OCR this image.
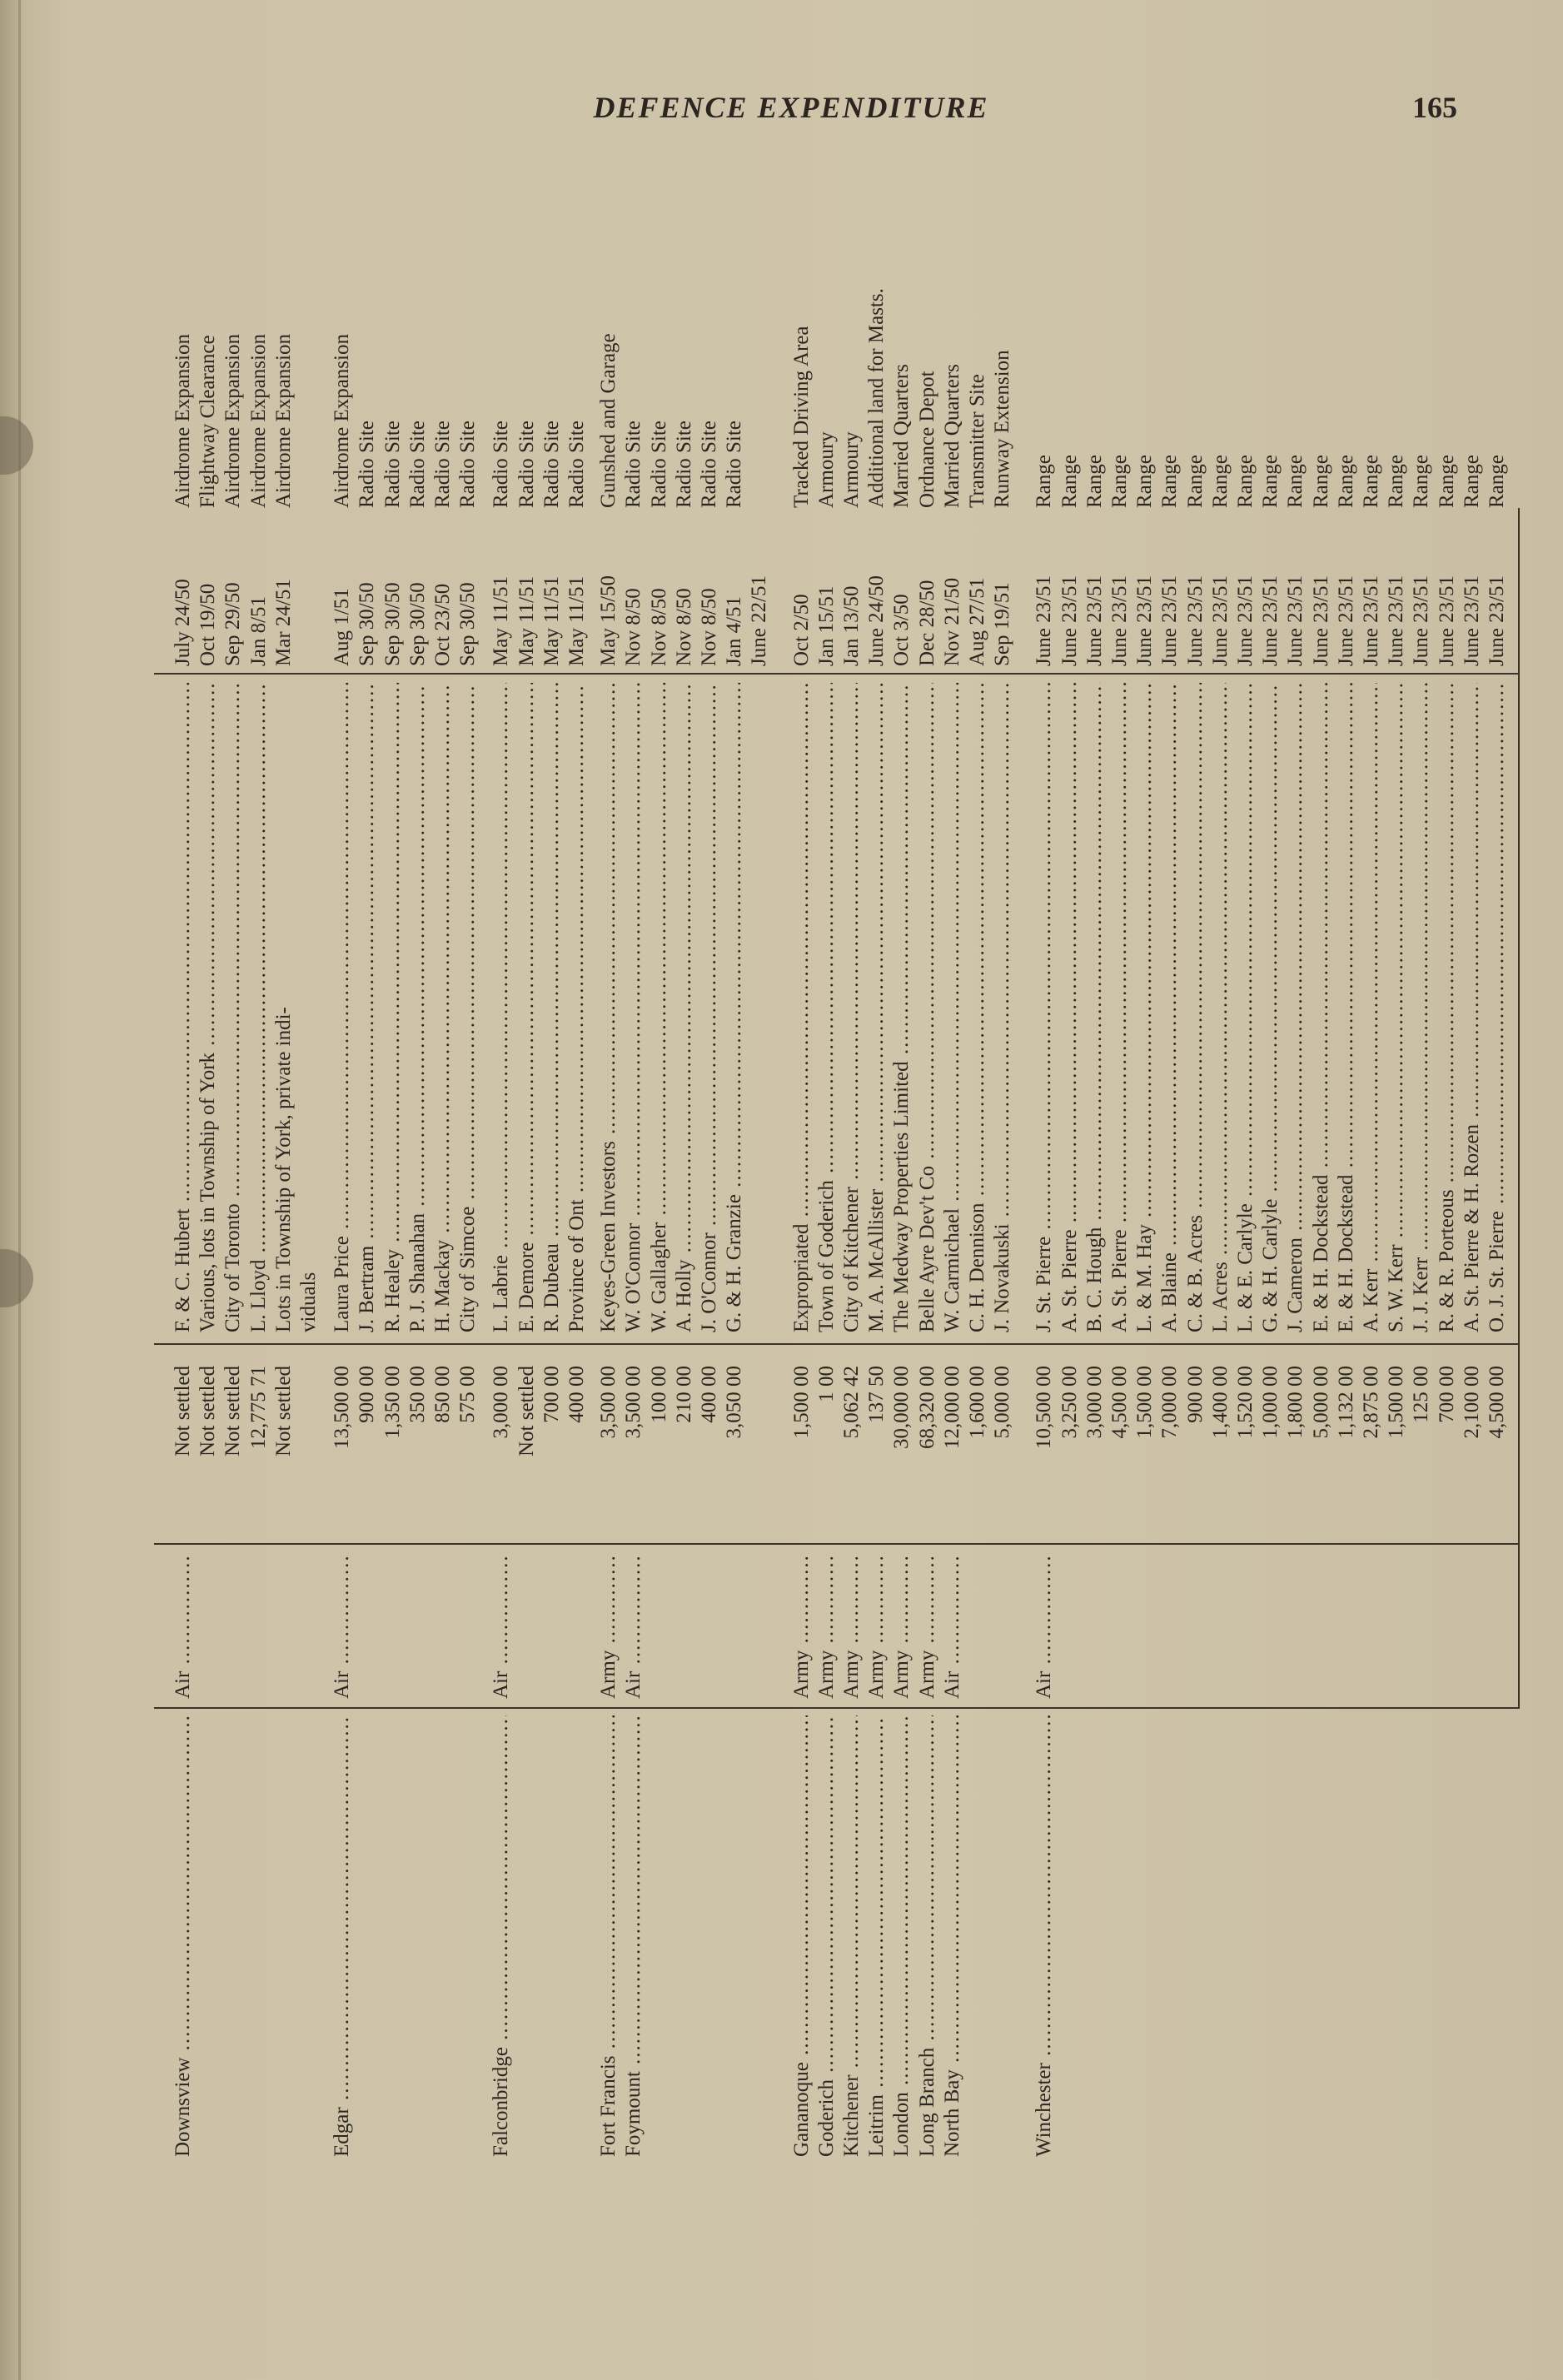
DEFENCE EXPENDITURE	165
Downsview .....
Air .....
Not settled
F. & C. Hubert .....
July 24/50
Airdrome Expansion
Not settled
Various, lots in Township of York .....
Oct 19/50
Flightway Clearance
Not settled
City of Toronto .....
Sep 29/50
Airdrome Expansion
12,775 71
L. Lloyd .....
Jan 8/51
Airdrome Expansion
Not settled
Lots in Township of York, private indi-
Mar 24/51
Airdrome Expansion
viduals
Edgar .....
Air .....
13,500 00
Laura Price .....
Aug 1/51
Airdrome Expansion
900 00
J. Bertram .....
Sep 30/50
Radio Site
1,350 00
R. Healey .....
Sep 30/50
Radio Site
350 00
P. J. Shanahan .....
Sep 30/50
Radio Site
850 00
H. Mackay .....
Oct 23/50
Radio Site
575 00
City of Simcoe .....
Sep 30/50
Radio Site
Falconbridge .....
Air .....
3,000 00
L. Labrie .....
May 11/51
Radio Site
Not settled
E. Demore .....
May 11/51
Radio Site
700 00
R. Dubeau .....
May 11/51
Radio Site
400 00
Province of Ont .....
May 11/51
Radio Site
Fort Francis .....
Army .....
3,500 00
Keyes-Green Investors .....
May 15/50
Gunshed and Garage
Foymount .....
Air .....
3,500 00
W. O'Connor .....
Nov 8/50
Radio Site
100 00
W. Gallagher .....
Nov 8/50
Radio Site
210 00
A. Holly .....
Nov 8/50
Radio Site
400 00
J. O'Connor .....
Nov 8/50
Radio Site
3,050 00
G. & H. Granzie .....
Jan 4/51
Radio Site
June 22/51
Gananoque .....
Army .....
1,500 00
Expropriated .....
Oct 2/50
Tracked Driving Area
Goderich .....
Army .....
1 00
Town of Goderich .....
Jan 15/51
Armoury
Kitchener .....
Army .....
5,062 42
City of Kitchener .....
Jan 13/50
Armoury
Leitrim .....
Army .....
137 50
M. A. McAllister .....
June 24/50
Additional land for Masts.
London .....
Army .....
30,000 00
The Medway Properties Limited .....
Oct 3/50
Married Quarters
Long Branch .....
Army .....
68,320 00
Belle Ayre Dev't Co .....
Dec 28/50
Ordnance Depot
North Bay .....
Air .....
12,000 00
W. Carmichael .....
Nov 21/50
Married Quarters
1,600 00
C. H. Dennison .....
Aug 27/51
Transmitter Site
5,000 00
J. Novakuski .....
Sep 19/51
Runway Extension
Winchester .....
Air .....
10,500 00
J. St. Pierre .....
June 23/51
Range
3,250 00
A. St. Pierre .....
June 23/51
Range
3,000 00
B. C. Hough .....
June 23/51
Range
4,500 00
A. St. Pierre .....
June 23/51
Range
1,500 00
L. & M. Hay .....
June 23/51
Range
7,000 00
A. Blaine .....
June 23/51
Range
900 00
C. & B. Acres .....
June 23/51
Range
1,400 00
L. Acres .....
June 23/51
Range
1,520 00
L. & E. Carlyle .....
June 23/51
Range
1,000 00
G. & H. Carlyle .....
June 23/51
Range
1,800 00
J. Cameron .....
June 23/51
Range
5,000 00
E. & H. Dockstead .....
June 23/51
Range
1,132 00
E. & H. Dockstead .....
June 23/51
Range
2,875 00
A. Kerr .....
June 23/51
Range
1,500 00
S. W. Kerr .....
June 23/51
Range
125 00
J. J. Kerr .....
June 23/51
Range
700 00
R. & R. Porteous .....
June 23/51
Range
2,100 00
A. St. Pierre & H. Rozen .....
June 23/51
Range
4,500 00
O. J. St. Pierre .....
June 23/51
Range
